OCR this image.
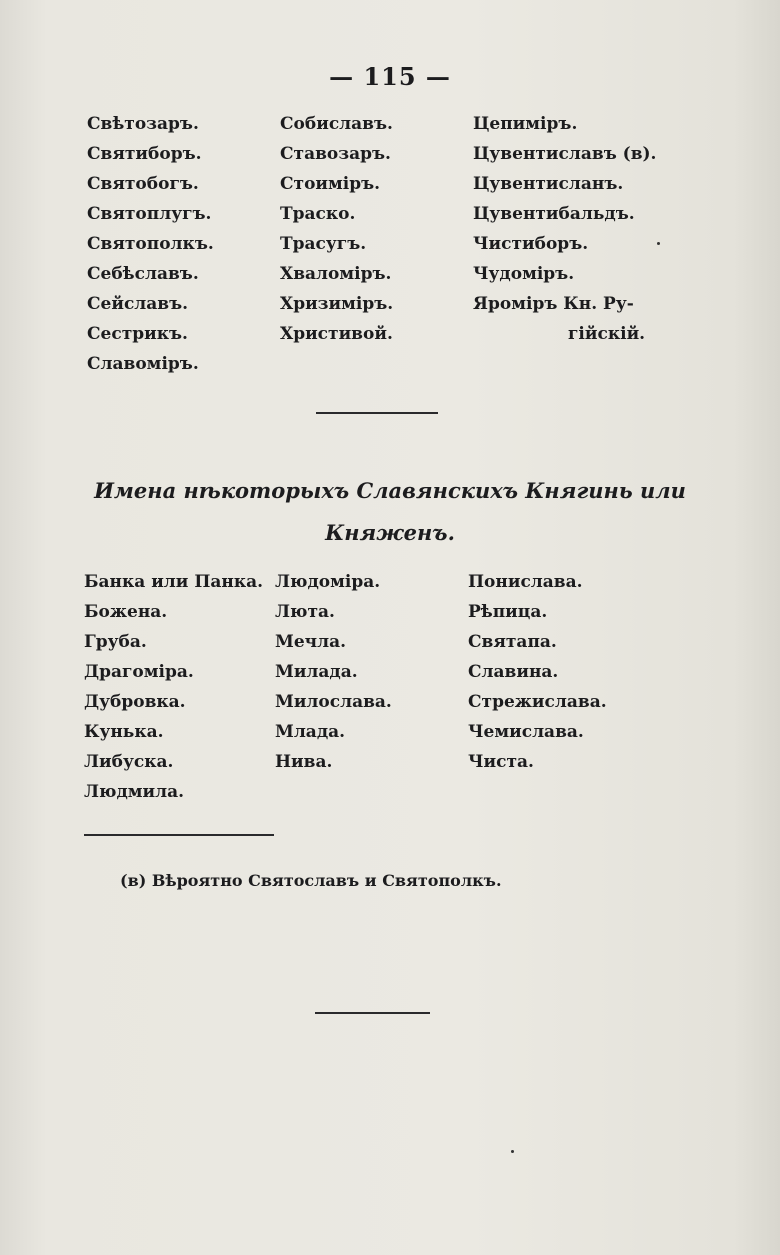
— 115 —
Свѣтозаръ.
Святиборъ.
Святобогъ.
Святоплугъ.
Святополкъ.
Себѣславъ.
Сейславъ.
Сестрикъ.
Славоміръ.
Собиславъ.
Ставозаръ.
Стоиміръ.
Траско.
Трасугъ.
Хваломіръ.
Хризиміръ.
Христивой.
Цепиміръ.
Цувентиславъ (в).
Цувентисланъ.
Цувентибальдъ.
Чистиборъ.
Чудоміръ.
Яроміръ Кн. Ру-
гійскій.
Имена нѣкоторыхъ Славянскихъ Княгинь или
Княженъ.
Банка или Панка.
Божена.
Груба.
Драгоміра.
Дубровка.
Кунька.
Либуска.
Людмила.
Людоміра.
Люта.
Мечла.
Милада.
Милослава.
Млада.
Нива.
Пониславa.
Рѣпица.
Святапа.
Славина.
Стрежислава.
Чемислава.
Чиста.
(в) Вѣроятно Святославъ и Святополкъ.
